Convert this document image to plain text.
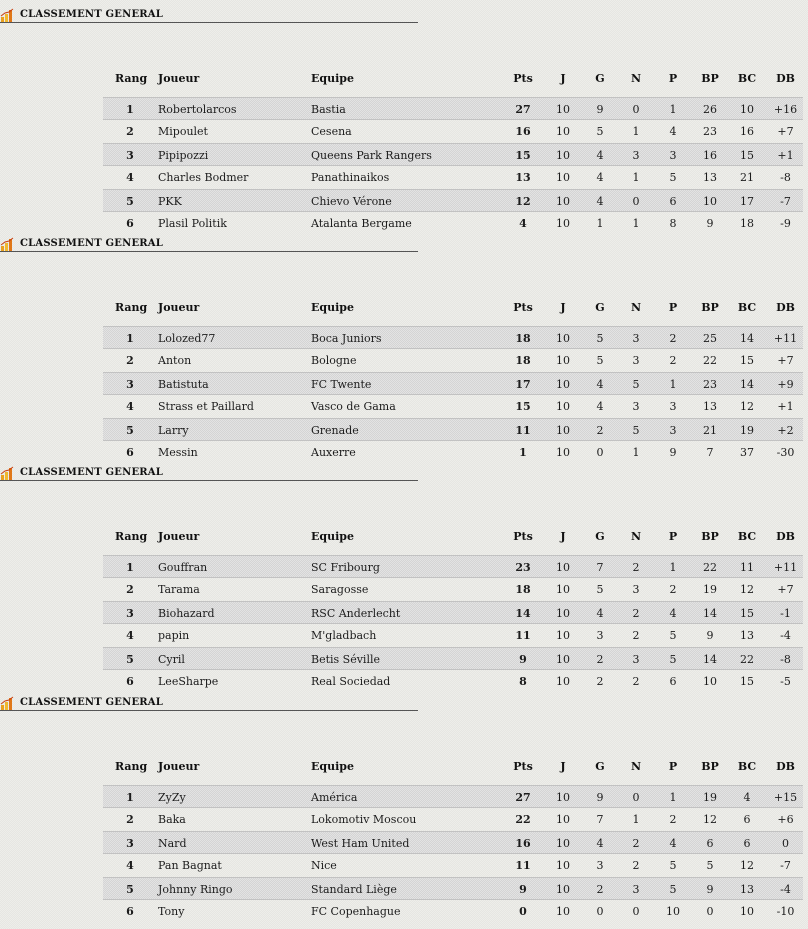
CLASSEMENT GENERAL
Rang Joueur	Equipe	Pts	J	G	N	P	BP	BC	DB
1	Robertolarcos	Bastia	27	10	9	0	1	26	10	+16
2	Mipoulet	Cesena	16	10	5	1	4	23	16	+7
3	Pipipozzi	Queens Park Rangers	15	10	4	3	3	16	15	+1
4	Charles Bodmer	Panathinaikos	13	10	4	1	5	13	21	-8
5	PKK	Chievo Vérone	12	10	4	0	6	10	17	-7
6	Plasil Politik	Atalanta Bergame	4	10	1	1	8	9	18	-9
CLASSEMENT GENERAL
Rang Joueur	Equipe	Pts	J	G	N	P	BP	BC	DB
1	Lolozed77	Boca Juniors	18	10	5	3	2	25	14	+11
2	Anton	Bologne	18	10	5	3	2	22	15	+7
3	Batistuta	FC Twente	17	10	4	5	1	23	14	+9
4	Strass et Paillard	Vasco de Gama	15	10	4	3	3	13	12	+1
5	Larry	Grenade	11	10	2	5	3	21	19	+2
6	Messin	Auxerre	1	10	0	1	9	7	37	-30
CLASSEMENT GENERAL
Rang Joueur	Equipe	Pts	J	G	N	P	BP	BC	DB
1	Gouffran	SC Fribourg	23	10	7	2	1	22	11	+11
2	Tarama	Saragosse	18	10	5	3	2	19	12	+7
3	Biohazard	RSC Anderlecht	14	10	4	2	4	14	15	-1
4	papin	M'gladbach	11	10	3	2	5	9	13	-4
5	Cyril	Betis Séville	9	10	2	3	5	14	22	-8
6	LeeSharpe	Real Sociedad	8	10	2	2	6	10	15	-5
CLASSEMENT GENERAL
Rang Joueur	Equipe	Pts	J	G	N	P	BP	BC	DB
1	ZyZy	América	27	10	9	0	1	19	4	+15
2	Baka	Lokomotiv Moscou	22	10	7	1	2	12	6	+6
3	Nard	West Ham United	16	10	4	2	4	6	6	0
4	Pan Bagnat	Nice	11	10	3	2	5	5	12	-7
5	Johnny Ringo	Standard Liège	9	10	2	3	5	9	13	-4
6	Tony	FC Copenhague	0	10	0	0	10	0	10	-10
